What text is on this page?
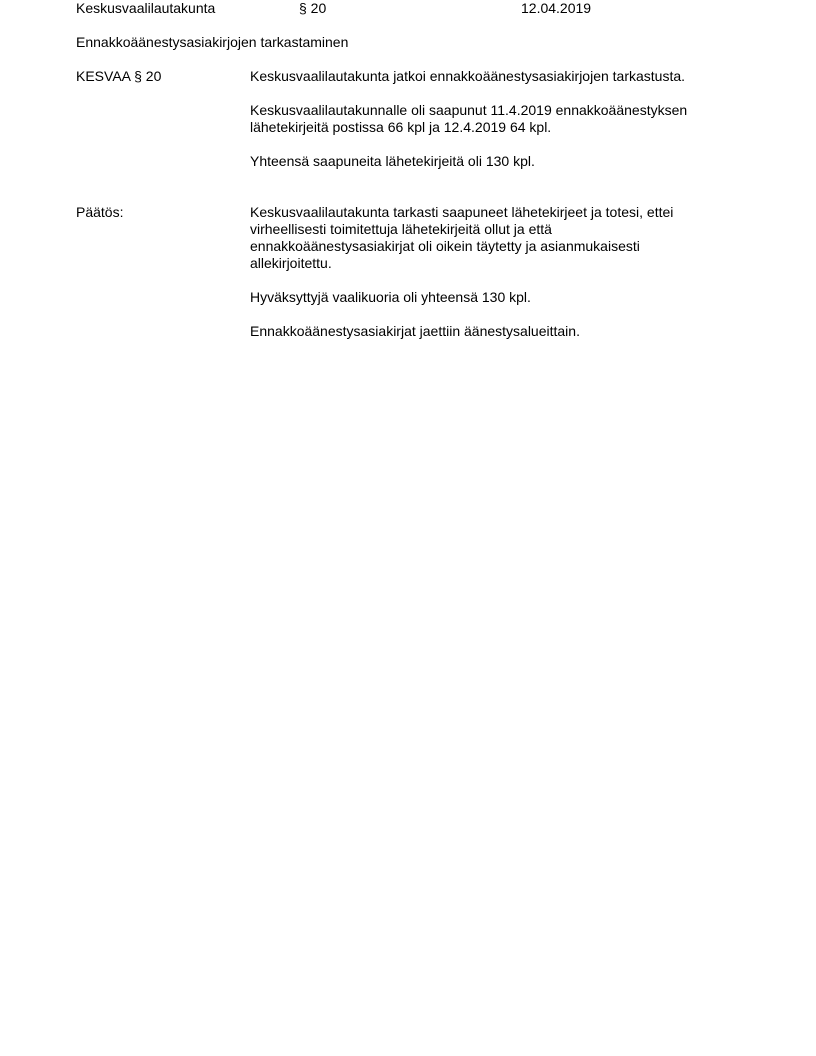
Keskusvaalilautakunta	§ 20	12.04.2019
Ennakkoäänestysasiakirjojen tarkastaminen
KESVAA § 20	Keskusvaalilautakunta jatkoi ennakkoäänestysasiakirjojen tarkastusta.

Keskusvaalilautakunnalle oli saapunut 11.4.2019 ennakkoäänestyksen lähetekirjeitä postissa 66 kpl ja 12.4.2019 64 kpl.

Yhteensä saapuneita lähetekirjeitä oli 130 kpl.

Päätös:	Keskusvaalilautakunta tarkasti saapuneet lähetekirjeet ja totesi, ettei virheellisesti toimitettuja lähetekirjeitä ollut ja että ennakkoäänestysasiakirjat oli oikein täytetty ja asianmukaisesti allekirjoitettu.

Hyväksyttyjä vaalikuoria oli yhteensä 130 kpl.

Ennakkoäänestysasiakirjat jaettiin äänestysalueittain.
